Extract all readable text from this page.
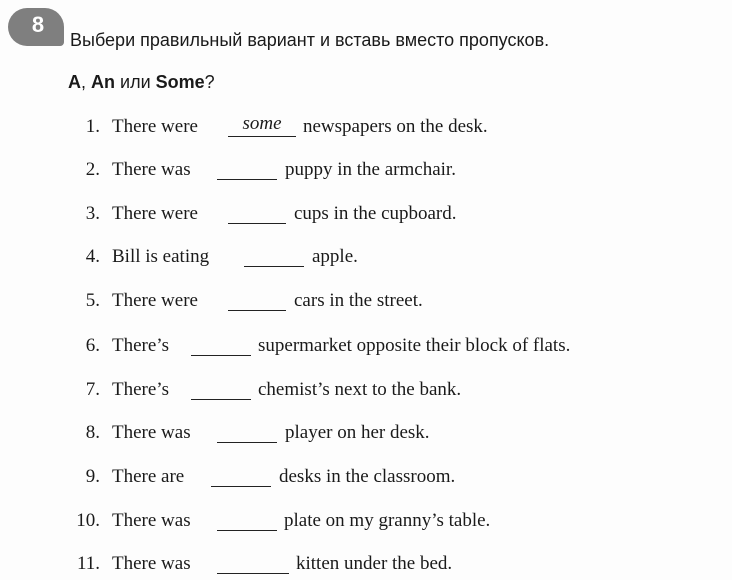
8
Выбери правильный вариант и вставь вместо пропусков.
A, An или Some?
1. There were	some	newspapers on the desk.
2. There was	puppy in the armchair.
3. There were	cups in the cupboard.
4. Bill is eating	apple.
5. There were	cars in the street.
6. There’s	supermarket opposite their block of flats.
7. There’s	chemist’s next to the bank.
8. There was	player on her desk.
9. There are	desks in the classroom.
10. There was	plate on my granny’s table.
11. There was	kitten under the bed.
